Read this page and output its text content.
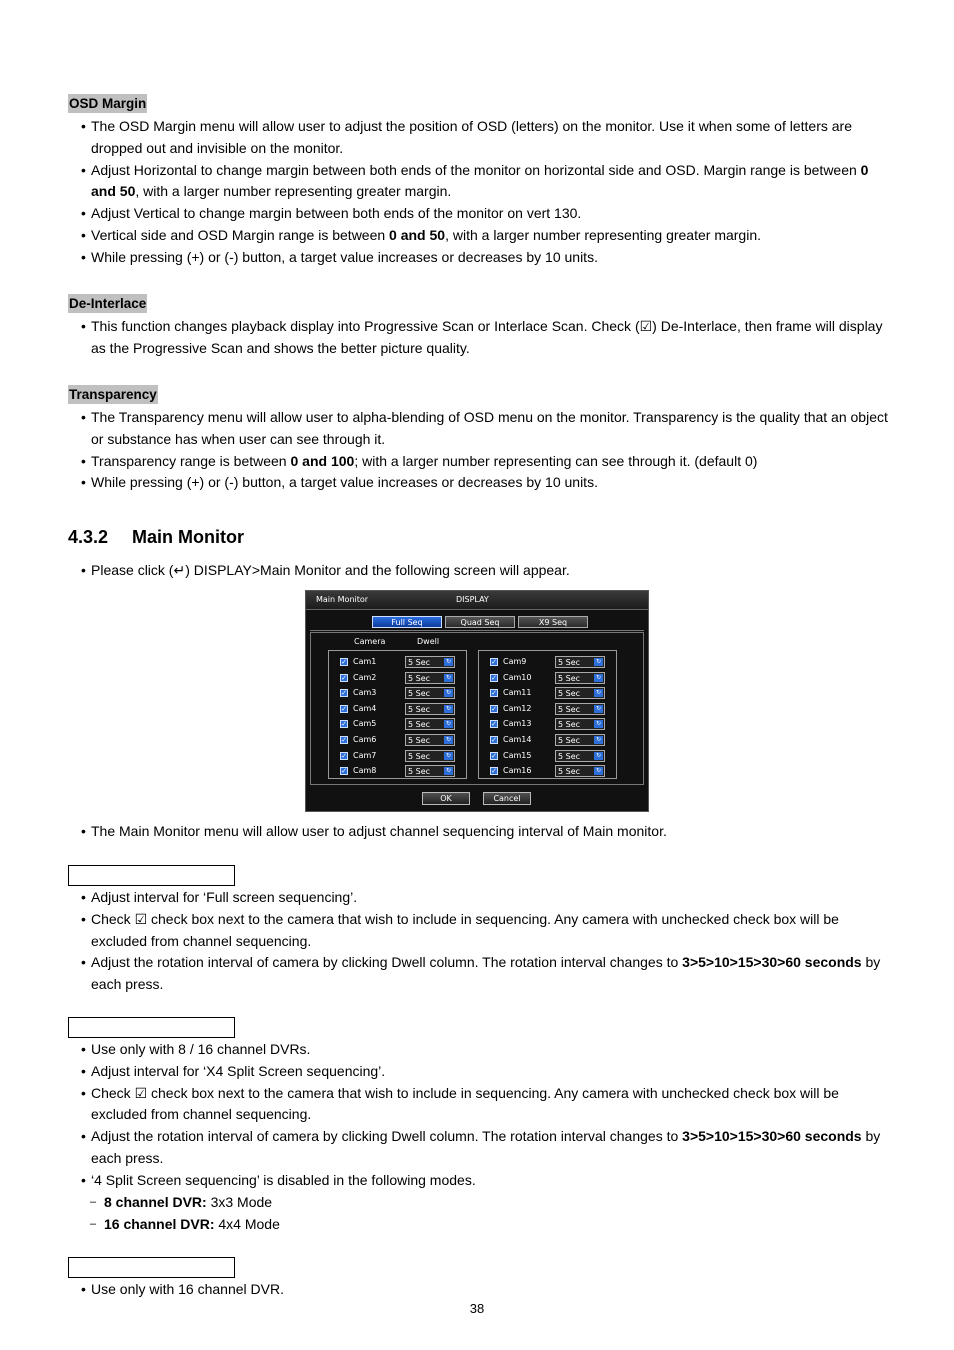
OSD Margin
• The OSD Margin menu will allow user to adjust the position of OSD (letters) on the monitor. Use it when some of letters are dropped out and invisible on the monitor.
• Adjust Horizontal to change margin between both ends of the monitor on horizontal side and OSD. Margin range is between 0 and 50, with a larger number representing greater margin.
• Adjust Vertical to change margin between both ends of the monitor on vert 130.
• Vertical side and OSD Margin range is between 0 and 50, with a larger number representing greater margin.
• While pressing (+) or (-) button, a target value increases or decreases by 10 units.
De-Interlace
• This function changes playback display into Progressive Scan or Interlace Scan. Check (☑) De-Interlace, then frame will display as the Progressive Scan and shows the better picture quality.
Transparency
• The Transparency menu will allow user to alpha-blending of OSD menu on the monitor. Transparency is the quality that an object or substance has when user can see through it.
• Transparency range is between 0 and 100; with a larger number representing can see through it. (default 0)
• While pressing (+) or (-) button, a target value increases or decreases by 10 units.
4.3.2 Main Monitor
• Please click (↵) DISPLAY>Main Monitor and the following screen will appear.
Main Monitor	DISPLAY
Full Seq	Quad Seq	X9 Seq
Camera	Dwell
✓ Cam1	5 Sec	↻
✓ Cam2	5 Sec	↻
✓ Cam3	5 Sec	↻
✓ Cam4	5 Sec	↻
✓ Cam5	5 Sec	↻
✓ Cam6	5 Sec	↻
✓ Cam7	5 Sec	↻
✓ Cam8	5 Sec	↻
✓ Cam9	5 Sec	↻
✓ Cam10	5 Sec	↻
✓ Cam11	5 Sec	↻
✓ Cam12	5 Sec	↻
✓ Cam13	5 Sec	↻
✓ Cam14	5 Sec	↻
✓ Cam15	5 Sec	↻
✓ Cam16	5 Sec	↻
OK	Cancel
• The Main Monitor menu will allow user to adjust channel sequencing interval of Main monitor.
• Adjust interval for ‘Full screen sequencing’.
• Check ☑ check box next to the camera that wish to include in sequencing. Any camera with unchecked check box will be excluded from channel sequencing.
• Adjust the rotation interval of camera by clicking Dwell column. The rotation interval changes to 3>5>10>15>30>60 seconds by each press.
• Use only with 8 / 16 channel DVRs.
• Adjust interval for ‘X4 Split Screen sequencing’.
• Check ☑ check box next to the camera that wish to include in sequencing. Any camera with unchecked check box will be excluded from channel sequencing.
• Adjust the rotation interval of camera by clicking Dwell column. The rotation interval changes to 3>5>10>15>30>60 seconds by each press.
• ‘4 Split Screen sequencing’ is disabled in the following modes.
– 8 channel DVR: 3x3 Mode
– 16 channel DVR: 4x4 Mode
• Use only with 16 channel DVR.
38
